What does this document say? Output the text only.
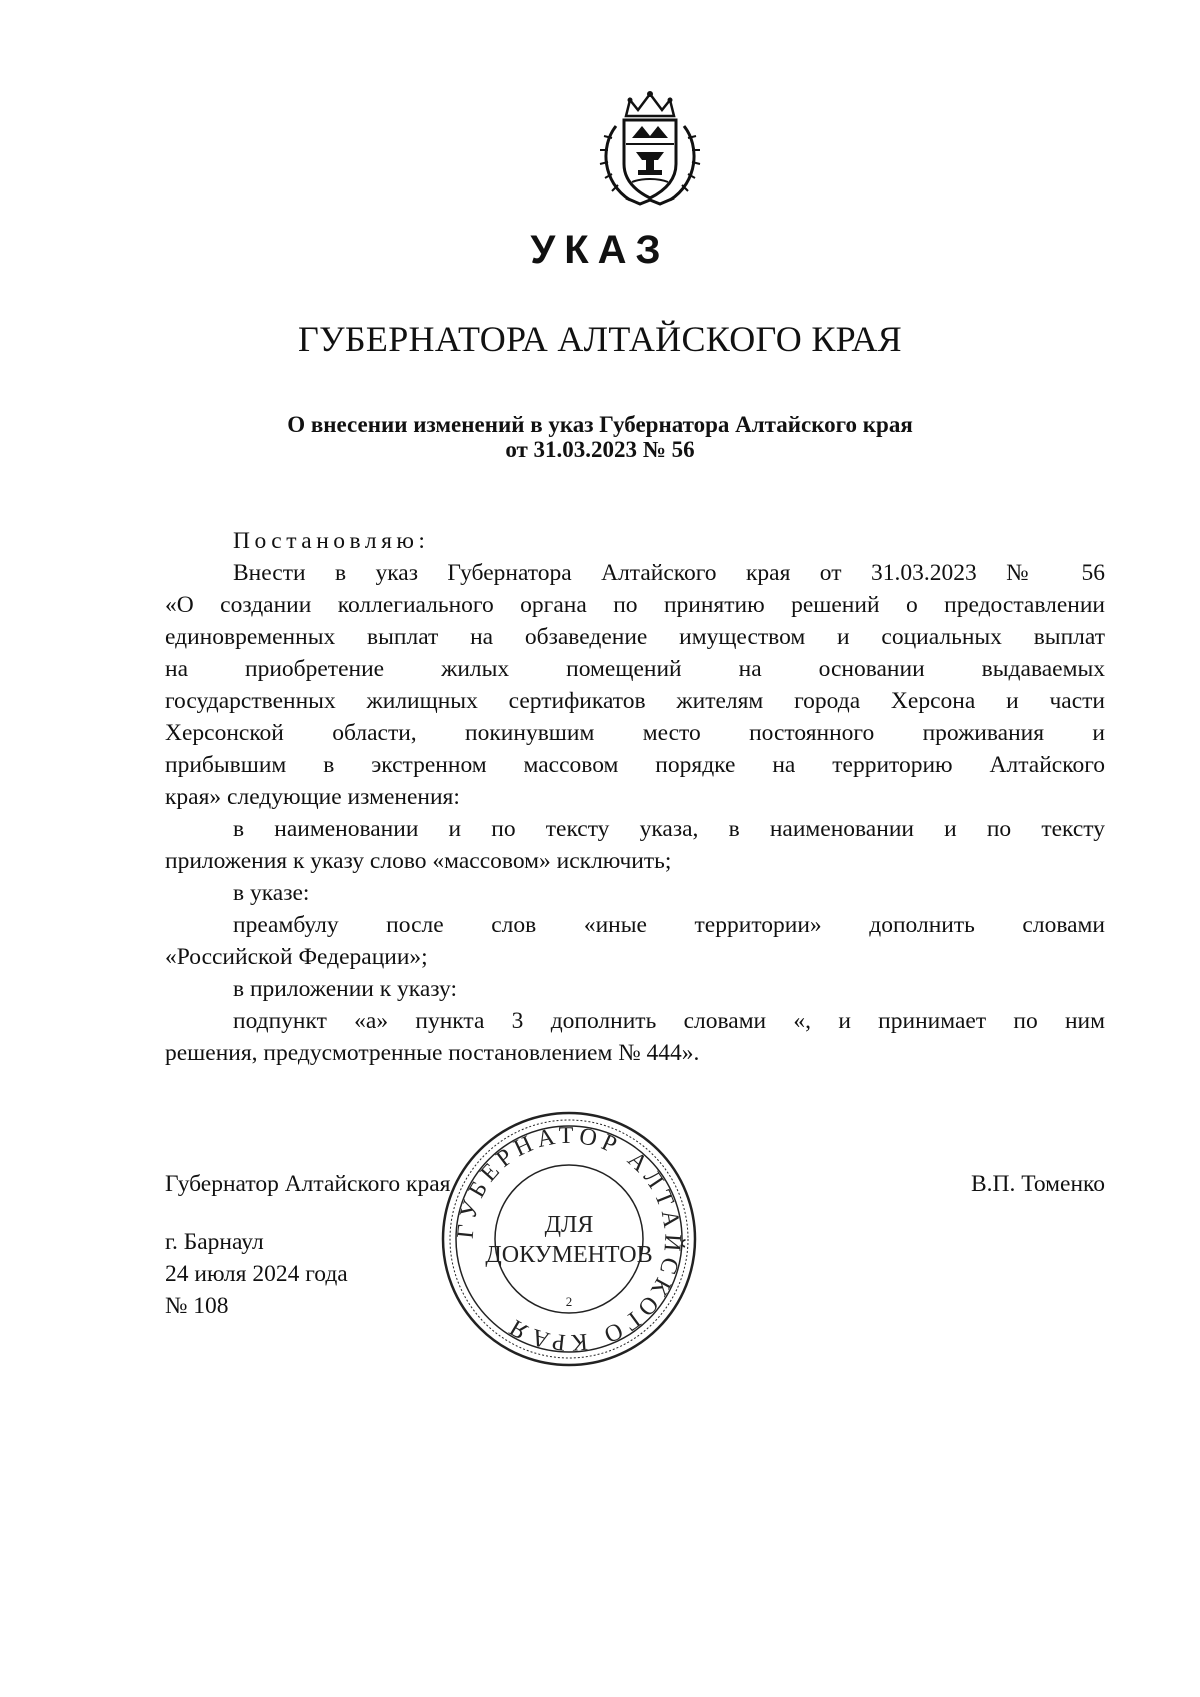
УКАЗ
ГУБЕРНАТОРА АЛТАЙСКОГО КРАЯ
О внесении изменений в указ Губернатора Алтайского края
от 31.03.2023 № 56
Постановляю:
Внести в указ Губернатора Алтайского края от 31.03.2023 № 56
«О создании коллегиального органа по принятию решений о предоставлении
единовременных выплат на обзаведение имуществом и социальных выплат
на приобретение жилых помещений на основании выдаваемых
государственных жилищных сертификатов жителям города Херсона и части
Херсонской области, покинувшим место постоянного проживания и
прибывшим в экстренном массовом порядке на территорию Алтайского
края» следующие изменения:
в наименовании и по тексту указа, в наименовании и по тексту
приложения к указу слово «массовом» исключить;
в указе:
преамбулу после слов «иные территории» дополнить словами
«Российской Федерации»;
в приложении к указу:
подпункт «а» пункта 3 дополнить словами «, и принимает по ним
решения, предусмотренные постановлением № 444».
Губернатор Алтайского края	В.П. Томенко
г. Барнаул
24 июля 2024 года
№ 108
ГУБЕРНАТОР АЛТАЙСКОГО КРАЯ
ДЛЯ
ДОКУМЕНТОВ
2
